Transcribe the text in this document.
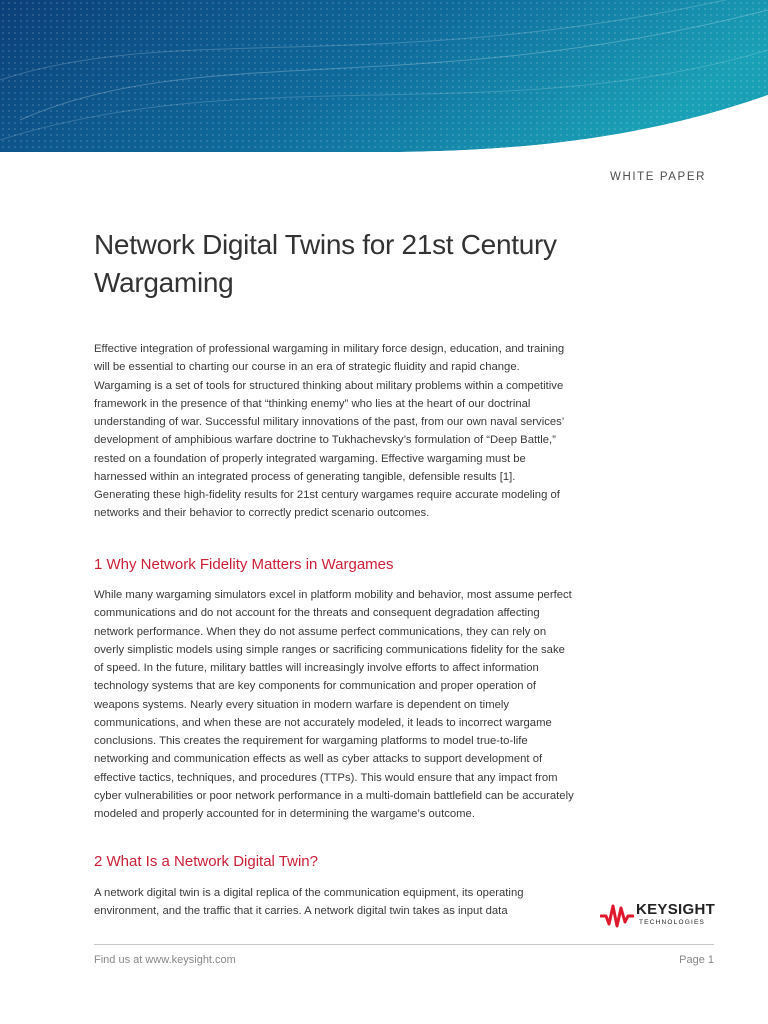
WHITE PAPER
Network Digital Twins for 21st Century Wargaming

Effective integration of professional wargaming in military force design, education, and training will be essential to charting our course in an era of strategic fluidity and rapid change. Wargaming is a set of tools for structured thinking about military problems within a competitive framework in the presence of that “thinking enemy” who lies at the heart of our doctrinal understanding of war. Successful military innovations of the past, from our own naval services’ development of amphibious warfare doctrine to Tukhachevsky’s formulation of “Deep Battle,” rested on a foundation of properly integrated wargaming. Effective wargaming must be harnessed within an integrated process of generating tangible, defensible results [1]. Generating these high-fidelity results for 21st century wargames require accurate modeling of networks and their behavior to correctly predict scenario outcomes.

1 Why Network Fidelity Matters in Wargames

While many wargaming simulators excel in platform mobility and behavior, most assume perfect communications and do not account for the threats and consequent degradation affecting network performance. When they do not assume perfect communications, they can rely on overly simplistic models using simple ranges or sacrificing communications fidelity for the sake of speed. In the future, military battles will increasingly involve efforts to affect information technology systems that are key components for communication and proper operation of weapons systems. Nearly every situation in modern warfare is dependent on timely communications, and when these are not accurately modeled, it leads to incorrect wargame conclusions. This creates the requirement for wargaming platforms to model true-to-life networking and communication effects as well as cyber attacks to support development of effective tactics, techniques, and procedures (TTPs). This would ensure that any impact from cyber vulnerabilities or poor network performance in a multi-domain battlefield can be accurately modeled and properly accounted for in determining the wargame’s outcome.

2 What Is a Network Digital Twin?

A network digital twin is a digital replica of the communication equipment, its operating environment, and the traffic that it carries. A network digital twin takes as input data	KEYSIGHT
TECHNOLOGIES
Find us at www.keysight.com	Page 1
